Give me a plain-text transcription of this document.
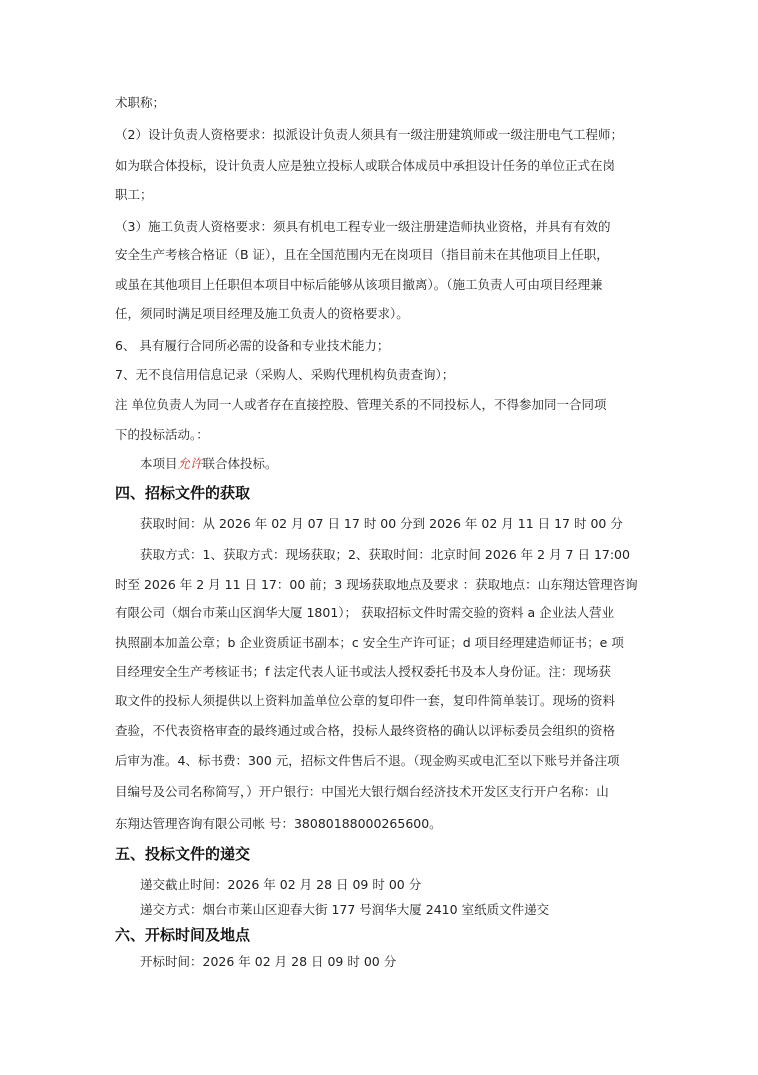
术职称；
（2）设计负责人资格要求：拟派设计负责人须具有一级注册建筑师或一级注册电气工程师；
如为联合体投标，设计负责人应是独立投标人或联合体成员中承担设计任务的单位正式在岗
职工；
（3）施工负责人资格要求：须具有机电工程专业一级注册建造师执业资格，并具有有效的
安全生产考核合格证（B 证），且在全国范围内无在岗项目（指目前未在其他项目上任职，
或虽在其他项目上任职但本项目中标后能够从该项目撤离）。（施工负责人可由项目经理兼
任，须同时满足项目经理及施工负责人的资格要求）。
6、 具有履行合同所必需的设备和专业技术能力；
7、无不良信用信息记录（采购人、采购代理机构负责查询）；
注 单位负责人为同一人或者存在直接控股、管理关系的不同投标人，不得参加同一合同项
下的投标活动。：
本项目允许联合体投标。
四、招标文件的获取
获取时间：从 2026 年 02 月 07 日 17 时 00 分到 2026 年 02 月 11 日 17 时 00 分
获取方式：1、获取方式：现场获取；2、获取时间：北京时间 2026 年 2 月 7 日 17:00
时至 2026 年 2 月 11 日 17：00 前；3 现场获取地点及要求 ：获取地点：山东翔达管理咨询
有限公司（烟台市莱山区润华大厦 1801）； 获取招标文件时需交验的资料 a 企业法人营业
执照副本加盖公章；b 企业资质证书副本；c 安全生产许可证；d 项目经理建造师证书；e 项
目经理安全生产考核证书；f 法定代表人证书或法人授权委托书及本人身份证。注：现场获
取文件的投标人须提供以上资料加盖单位公章的复印件一套，复印件简单装订。现场的资料
查验，不代表资格审查的最终通过或合格，投标人最终资格的确认以评标委员会组织的资格
后审为准。4、标书费：300 元，招标文件售后不退。（现金购买或电汇至以下账号并备注项
目编号及公司名称简写，）开户银行：中国光大银行烟台经济技术开发区支行开户名称：山
东翔达管理咨询有限公司帐 号：38080188000265600。
五、投标文件的递交
递交截止时间：2026 年 02 月 28 日 09 时 00 分
递交方式：烟台市莱山区迎春大街 177 号润华大厦 2410 室纸质文件递交
六、开标时间及地点
开标时间：2026 年 02 月 28 日 09 时 00 分
